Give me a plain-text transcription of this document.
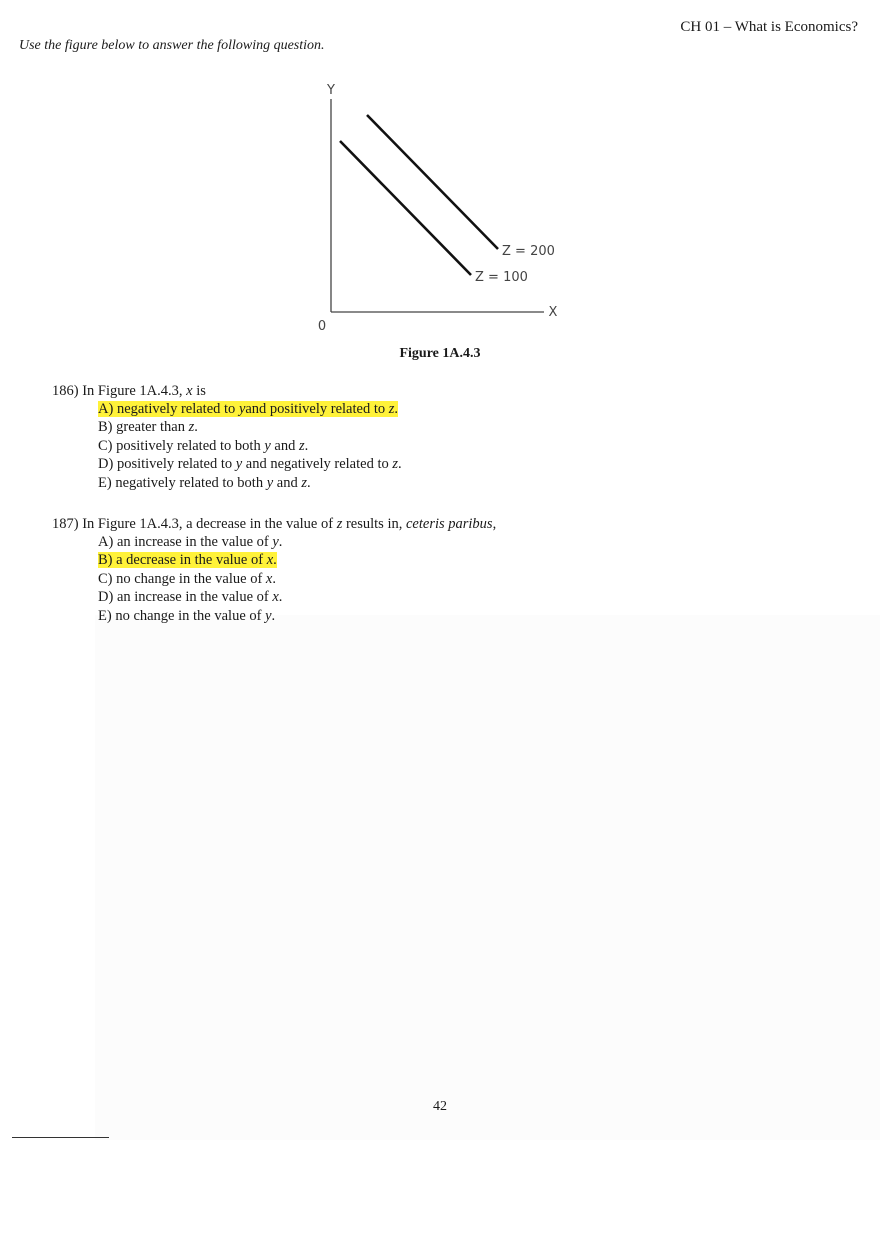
CH 01 – What is Economics?
Use the figure below to answer the following question.
Y
X
0
Z = 200
Z = 100
Figure 1A.4.3
186) In Figure 1A.4.3, x is
A) negatively related to yand positively related to z.
B) greater than z.
C) positively related to both y and z.
D) positively related to y and negatively related to z.
E) negatively related to both y and z.
187) In Figure 1A.4.3, a decrease in the value of z results in, ceteris paribus,
A) an increase in the value of y.
B) a decrease in the value of x.
C) no change in the value of x.
D) an increase in the value of x.
E) no change in the value of y.
42
